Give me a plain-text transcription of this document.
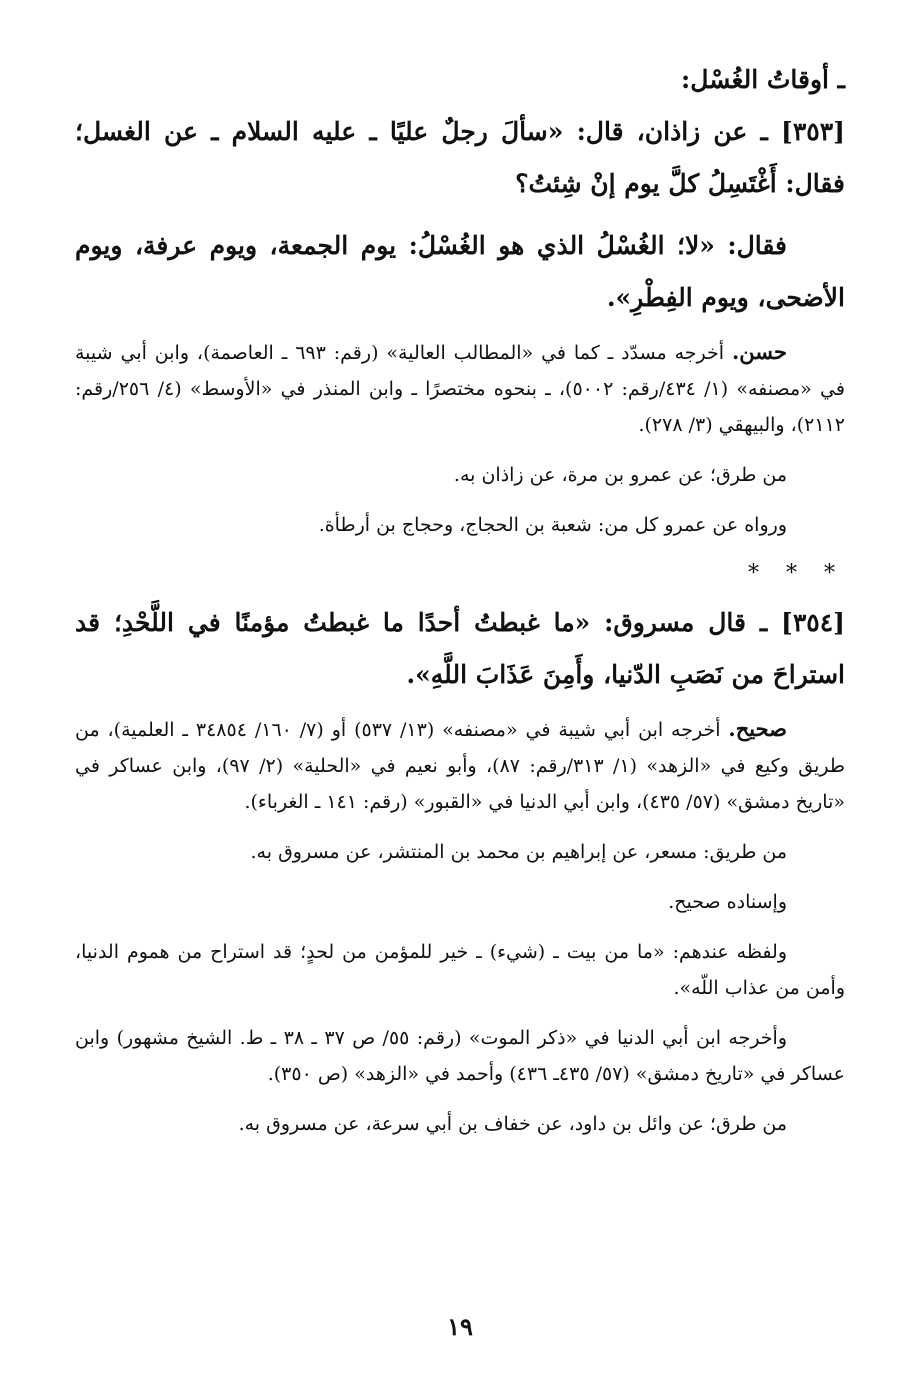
ـ أوقاتُ الغُسْل:
[٣٥٣] ـ عن زاذان، قال: «سألَ رجلٌ عليًا ـ عليه السلام ـ عن الغسل؛ فقال: أَغْتَسِلُ كلَّ يوم إنْ شِئتُ؟
فقال: «لا؛ الغُسْلُ الذي هو الغُسْلُ: يوم الجمعة، ويوم عرفة، ويوم الأضحى، ويوم الفِطْرِ».
حسن. أخرجه مسدّد ـ كما في «المطالب العالية» (رقم: ٦٩٣ ـ العاصمة)، وابن أبي شيبة في «مصنفه» (١/ ٤٣٤/رقم: ٥٠٠٢)، ـ بنحوه مختصرًا ـ وابن المنذر في «الأوسط» (٤/ ٢٥٦/رقم: ٢١١٢)، والبيهقي (٣/ ٢٧٨).
من طرق؛ عن عمرو بن مرة، عن زاذان به.
ورواه عن عمرو كل من: شعبة بن الحجاج، وحجاج بن أرطأة.
* * *
[٣٥٤] ـ قال مسروق: «ما غبطتُ أحدًا ما غبطتُ مؤمنًا في اللَّحْدِ؛ قد استراحَ من نَصَبِ الدّنيا، وأَمِنَ عَذَابَ اللَّهِ».
صحيح. أخرجه ابن أبي شيبة في «مصنفه» (١٣/ ٥٣٧) أو (٧/ ١٦٠/ ٣٤٨٥٤ ـ العلمية)، من طريق وكيع في «الزهد» (١/ ٣١٣/رقم: ٨٧)، وأبو نعيم في «الحلية» (٢/ ٩٧)، وابن عساكر في «تاريخ دمشق» (٥٧/ ٤٣٥)، وابن أبي الدنيا في «القبور» (رقم: ١٤١ ـ الغرباء).
من طريق: مسعر، عن إبراهيم بن محمد بن المنتشر، عن مسروق به.
وإسناده صحيح.
ولفظه عندهم: «ما من بيت ـ (شيء) ـ خير للمؤمن من لحدٍ؛ قد استراح من هموم الدنيا، وأمن من عذاب اللّه».
وأخرجه ابن أبي الدنيا في «ذكر الموت» (رقم: ٥٥/ ص ٣٧ ـ ٣٨ ـ ط. الشيخ مشهور) وابن عساكر في «تاريخ دمشق» (٥٧/ ٤٣٥ـ ٤٣٦) وأحمد في «الزهد» (ص ٣٥٠).
من طرق؛ عن وائل بن داود، عن خفاف بن أبي سرعة، عن مسروق به.
١٩
